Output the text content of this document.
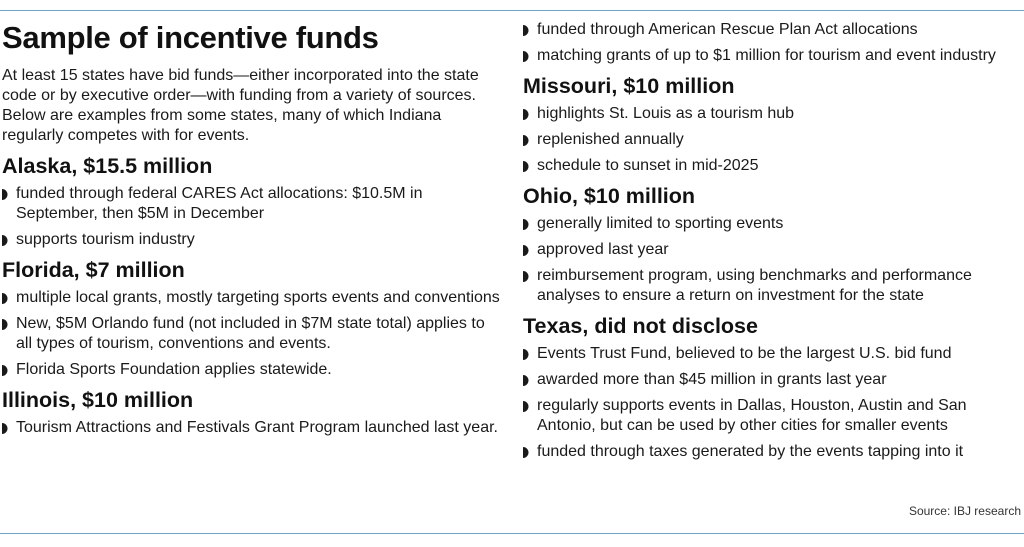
Sample of incentive funds

At least 15 states have bid funds—either incorporated into the state code or by executive order—with funding from a variety of sources. Below are examples from some states, many of which Indiana regularly competes with for events.

Alaska, $15.5 million
funded through federal CARES Act allocations: $10.5M in September, then $5M in December
supports tourism industry
Florida, $7 million
multiple local grants, mostly targeting sports events and conventions
New, $5M Orlando fund (not included in $7M state total) applies to all types of tourism, conventions and events.
Florida Sports Foundation applies statewide.
Illinois, $10 million
Tourism Attractions and Festivals Grant Program launched last year.
funded through American Rescue Plan Act allocations
matching grants of up to $1 million for tourism and event industry
Missouri, $10 million
highlights St. Louis as a tourism hub
replenished annually
schedule to sunset in mid-2025
Ohio, $10 million
generally limited to sporting events
approved last year
reimbursement program, using benchmarks and performance analyses to ensure a return on investment for the state
Texas, did not disclose
Events Trust Fund, believed to be the largest U.S. bid fund
awarded more than $45 million in grants last year
regularly supports events in Dallas, Houston, Austin and San Antonio, but can be used by other cities for smaller events
funded through taxes generated by the events tapping into it
Source: IBJ research
